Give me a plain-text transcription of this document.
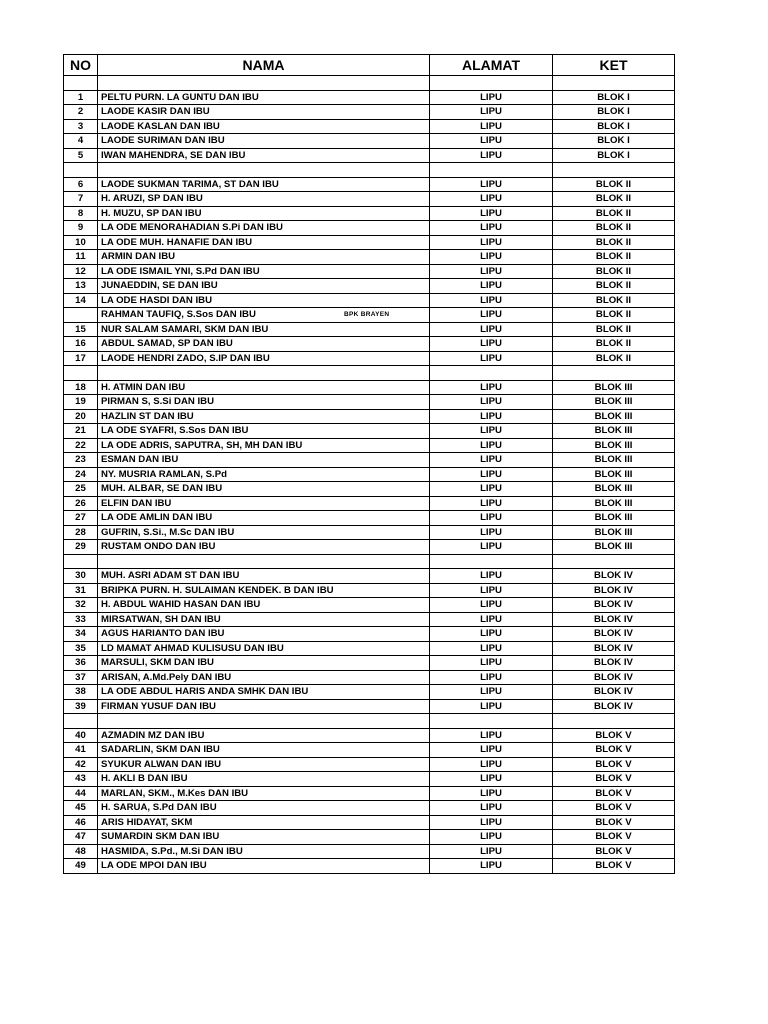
NO	NAMA	ALAMAT	KET

1	PELTU PURN. LA GUNTU DAN IBU	LIPU	BLOK I
2	LAODE KASIR DAN IBU	LIPU	BLOK I
3	LAODE KASLAN DAN IBU	LIPU	BLOK I
4	LAODE SURIMAN DAN IBU	LIPU	BLOK I
5	IWAN MAHENDRA, SE DAN IBU	LIPU	BLOK I

6	LAODE SUKMAN TARIMA, ST DAN IBU	LIPU	BLOK II
7	H. ARUZI, SP DAN IBU	LIPU	BLOK II
8	H. MUZU, SP DAN IBU	LIPU	BLOK II
9	LA ODE MENORAHADIAN S.Pi DAN IBU	LIPU	BLOK II
10	LA ODE MUH. HANAFIE DAN IBU	LIPU	BLOK II
11	ARMIN DAN IBU	LIPU	BLOK II
12	LA ODE ISMAIL YNI, S.Pd DAN IBU	LIPU	BLOK II
13	JUNAEDDIN, SE DAN IBU	LIPU	BLOK II
14	LA ODE HASDI DAN IBU	LIPU	BLOK II
	RAHMAN TAUFIQ, S.Sos DAN IBU BPK BRAYEN	LIPU	BLOK II
15	NUR SALAM SAMARI, SKM DAN IBU	LIPU	BLOK II
16	ABDUL SAMAD, SP DAN IBU	LIPU	BLOK II
17	LAODE HENDRI ZADO, S.IP DAN IBU	LIPU	BLOK II

18	H. ATMIN DAN IBU	LIPU	BLOK III
19	PIRMAN S, S.Si DAN IBU	LIPU	BLOK III
20	HAZLIN ST DAN IBU	LIPU	BLOK III
21	LA ODE SYAFRI, S.Sos DAN IBU	LIPU	BLOK III
22	LA ODE ADRIS, SAPUTRA, SH, MH DAN IBU	LIPU	BLOK III
23	ESMAN DAN IBU	LIPU	BLOK III
24	NY. MUSRIA RAMLAN, S.Pd	LIPU	BLOK III
25	MUH. ALBAR, SE DAN IBU	LIPU	BLOK III
26	ELFIN DAN IBU	LIPU	BLOK III
27	LA ODE AMLIN DAN IBU	LIPU	BLOK III
28	GUFRIN, S.Si., M.Sc DAN IBU	LIPU	BLOK III
29	RUSTAM ONDO DAN IBU	LIPU	BLOK III

30	MUH. ASRI ADAM ST DAN IBU	LIPU	BLOK IV
31	BRIPKA PURN. H. SULAIMAN KENDEK. B DAN IBU	LIPU	BLOK IV
32	H. ABDUL WAHID HASAN DAN IBU	LIPU	BLOK IV
33	MIRSATWAN, SH DAN IBU	LIPU	BLOK IV
34	AGUS HARIANTO DAN IBU	LIPU	BLOK IV
35	LD MAMAT AHMAD KULISUSU DAN IBU	LIPU	BLOK IV
36	MARSULI, SKM DAN IBU	LIPU	BLOK IV
37	ARISAN, A.Md.Pely DAN IBU	LIPU	BLOK IV
38	LA ODE ABDUL HARIS ANDA SMHK DAN IBU	LIPU	BLOK IV
39	FIRMAN YUSUF DAN IBU	LIPU	BLOK IV

40	AZMADIN MZ DAN IBU	LIPU	BLOK V
41	SADARLIN, SKM DAN IBU	LIPU	BLOK V
42	SYUKUR ALWAN DAN IBU	LIPU	BLOK V
43	H. AKLI B DAN IBU	LIPU	BLOK V
44	MARLAN, SKM., M.Kes DAN IBU	LIPU	BLOK V
45	H. SARUA, S.Pd DAN IBU	LIPU	BLOK V
46	ARIS HIDAYAT, SKM	LIPU	BLOK V
47	SUMARDIN SKM DAN IBU	LIPU	BLOK V
48	HASMIDA, S.Pd., M.Si DAN IBU	LIPU	BLOK V
49	LA ODE MPOI DAN IBU	LIPU	BLOK V
